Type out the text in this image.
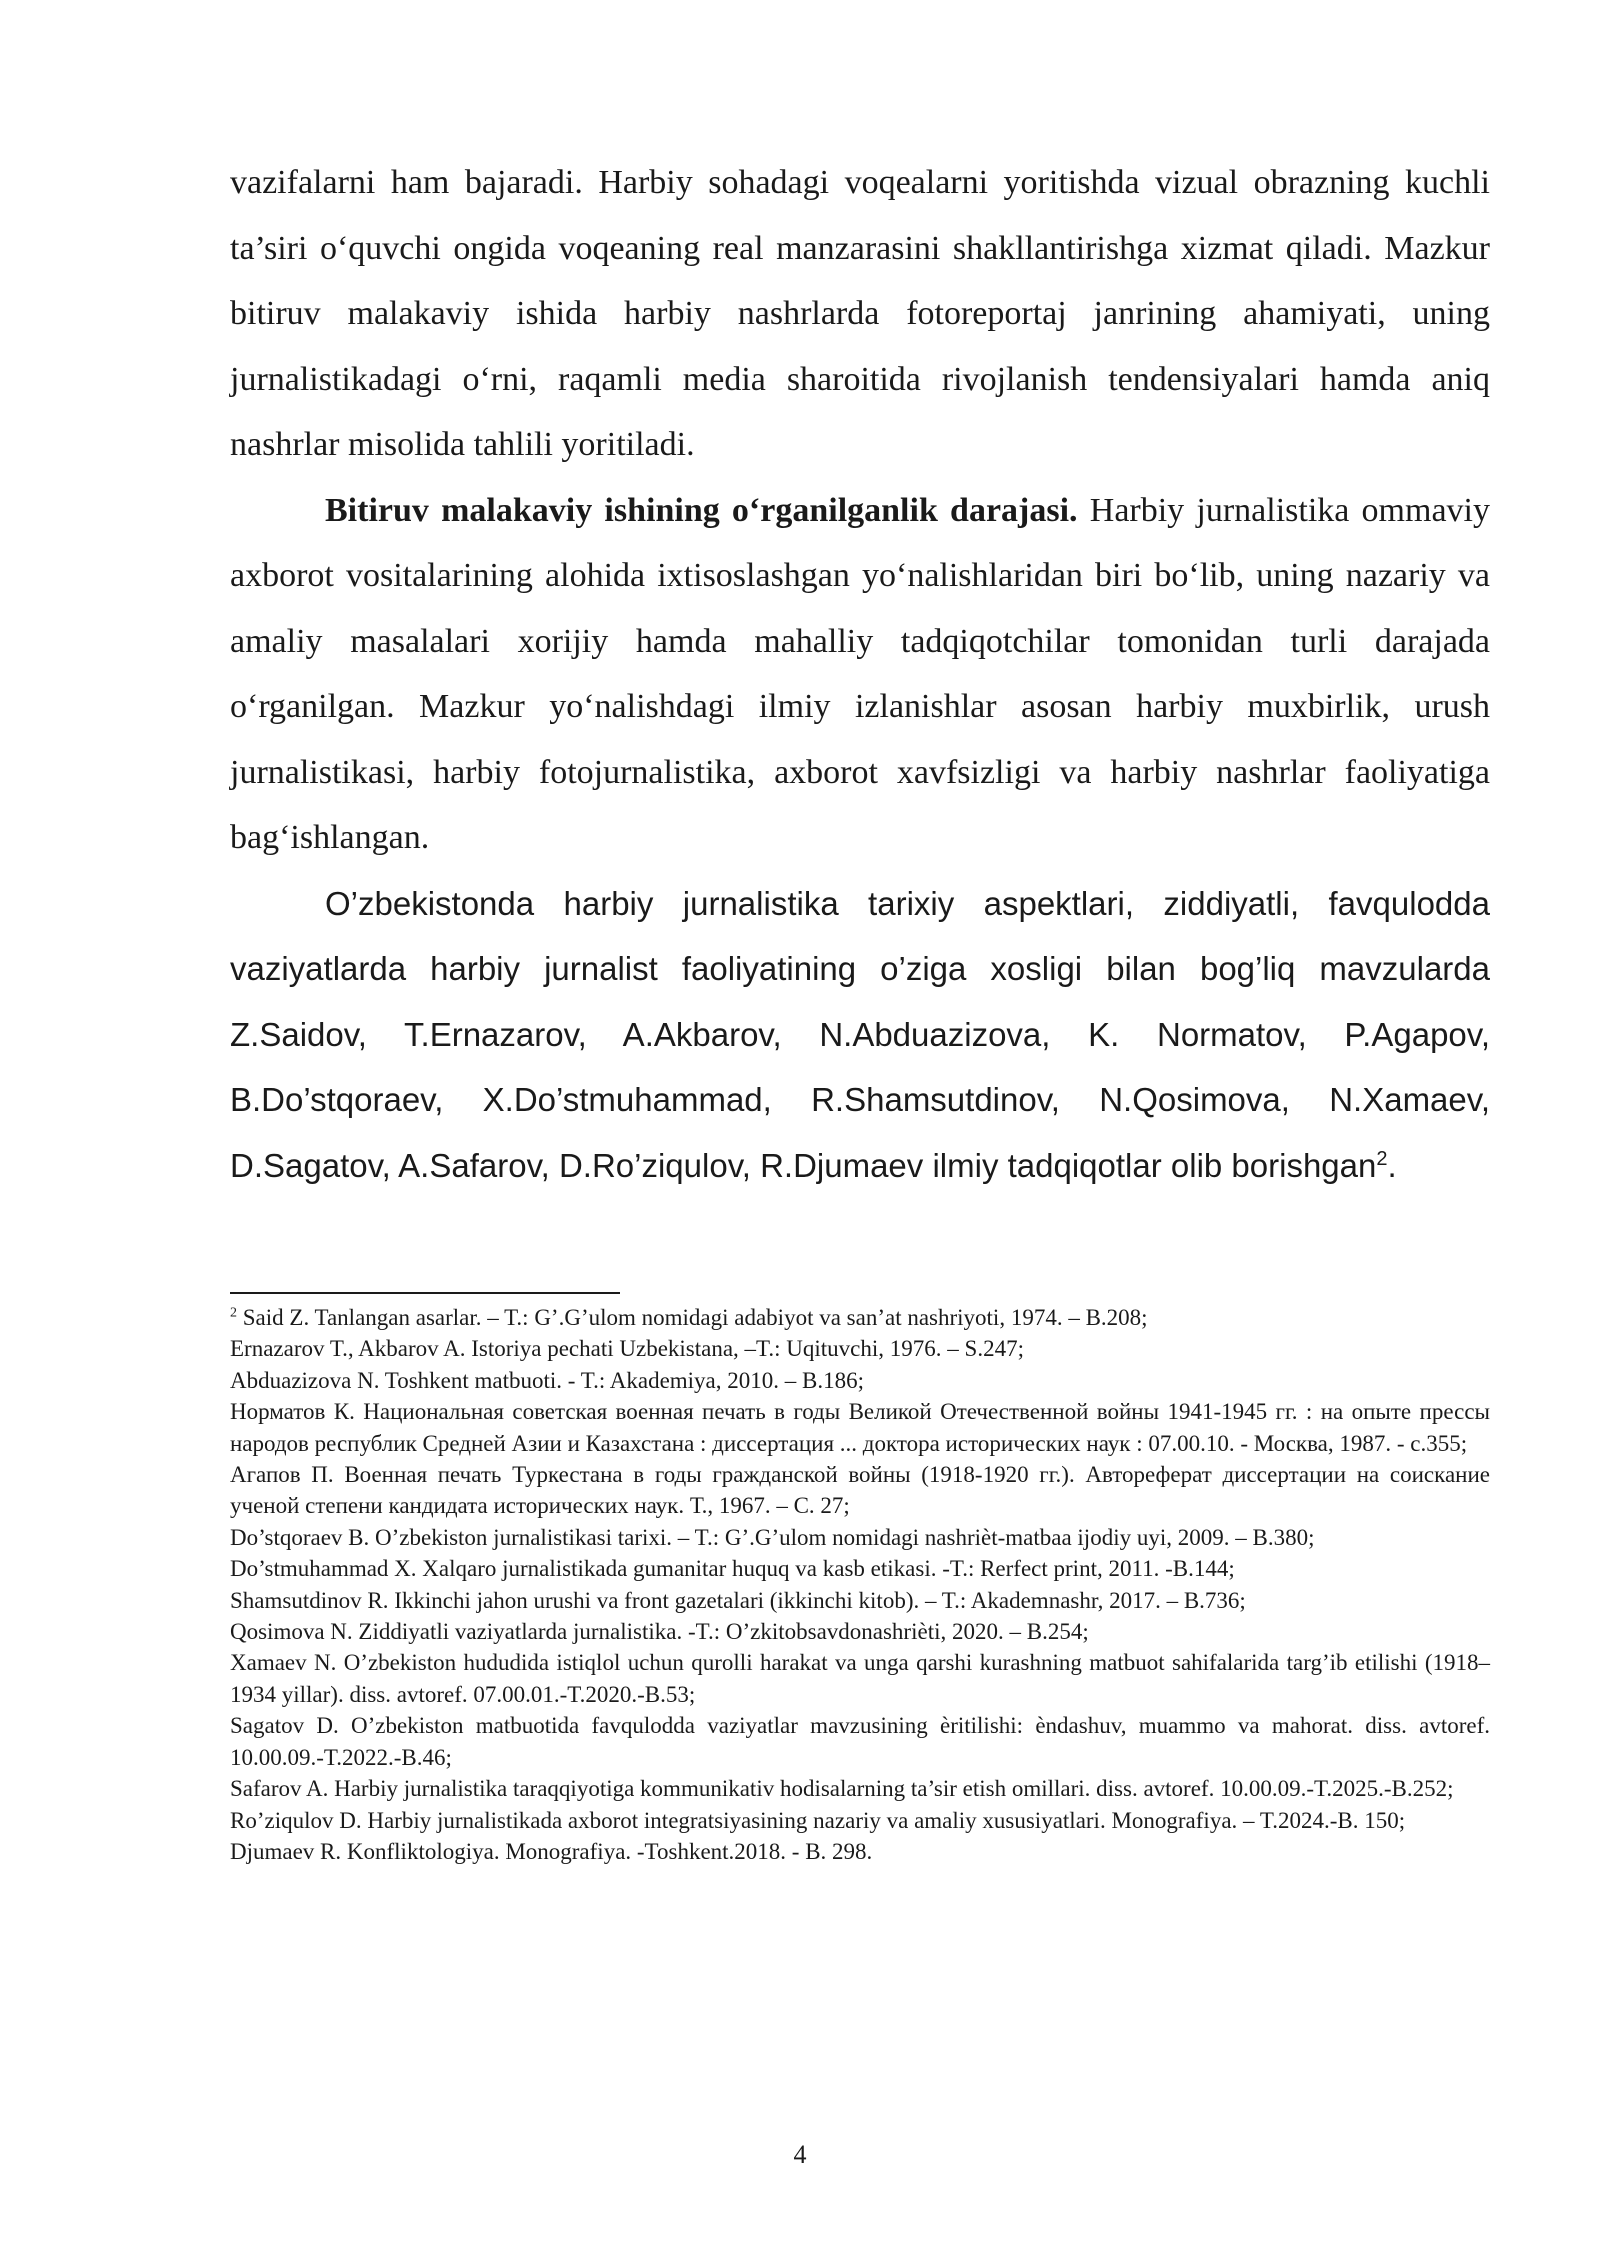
vazifalarni ham bajaradi. Harbiy sohadagi voqealarni yoritishda vizual obrazning kuchli ta’siri o‘quvchi ongida voqeaning real manzarasini shakllantirishga xizmat qiladi. Mazkur bitiruv malakaviy ishida harbiy nashrlarda fotoreportaj janrining ahamiyati, uning jurnalistikadagi o‘rni, raqamli media sharoitida rivojlanish tendensiyalari hamda aniq nashrlar misolida tahlili yoritiladi.

Bitiruv malakaviy ishining o‘rganilganlik darajasi. Harbiy jurnalistika ommaviy axborot vositalarining alohida ixtisoslashgan yo‘nalishlaridan biri bo‘lib, uning nazariy va amaliy masalalari xorijiy hamda mahalliy tadqiqotchilar tomonidan turli darajada o‘rganilgan. Mazkur yo‘nalishdagi ilmiy izlanishlar asosan harbiy muxbirlik, urush jurnalistikasi, harbiy fotojurnalistika, axborot xavfsizligi va harbiy nashrlar faoliyatiga bag‘ishlangan.

O’zbekistonda harbiy jurnalistika tarixiy aspektlari, ziddiyatli, favqulodda vaziyatlarda harbiy jurnalist faoliyatining o’ziga xosligi bilan bog’liq mavzularda Z.Saidov, T.Ernazarov, A.Akbarov, N.Abduazizova, K. Normatov, P.Agapov, B.Do’stqoraev, X.Do’stmuhammad, R.Shamsutdinov, N.Qosimova, N.Xamaev, D.Sagatov, A.Safarov, D.Ro’ziqulov, R.Djumaev ilmiy tadqiqotlar olib borishgan$^2$.

$^2$ Said Z. Tanlangan asarlar. – T.: G’.G’ulom nomidagi adabiyot va san’at nashriyoti, 1974. – B.208;

Ernazarov T., Akbarov A. Istoriya pechati Uzbekistana, –T.: Uqituvchi, 1976. – S.247;

Abduazizova N. Toshkent matbuoti. - T.: Akademiya, 2010. – B.186;

Норматов К. Национальная советская военная печать в годы Великой Отечественной войны 1941-1945 гг. : на опыте прессы народов республик Средней Азии и Казахстана : диссертация ... доктора исторических наук : 07.00.10. - Москва, 1987. - с.355;

Агапов П. Военная печать Туркестана в годы гражданской войны (1918-1920 гг.). Автореферат диссертации на соискание ученой степени кандидата исторических наук. Т., 1967. – С. 27;

Do’stqoraev B. O’zbekiston jurnalistikasi tarixi. – T.: G’.G’ulom nomidagi nashriѐt-matbaa ijodiy uyi, 2009. – B.380;

Do’stmuhammad X. Xalqaro jurnalistikada gumanitar huquq va kasb etikasi. -T.: Rerfect print, 2011. -B.144;

Shamsutdinov R. Ikkinchi jahon urushi va front gazetalari (ikkinchi kitob). – T.: Akademnashr, 2017. – B.736;

Qosimova N. Ziddiyatli vaziyatlarda jurnalistika. -T.: O’zkitobsavdonashriѐti, 2020. – B.254;

Xamaev N. O’zbekiston hududida istiqlol uchun qurolli harakat va unga qarshi kurashning matbuot sahifalarida targ’ib etilishi (1918–1934 yillar). diss. avtoref. 07.00.01.-T.2020.-B.53;

Sagatov D. O’zbekiston matbuotida favqulodda vaziyatlar mavzusining ѐritilishi: ѐndashuv, muammo va mahorat. diss. avtoref. 10.00.09.-T.2022.-B.46;

Safarov A. Harbiy jurnalistika taraqqiyotiga kommunikativ hodisalarning ta’sir etish omillari. diss. avtoref. 10.00.09.-T.2025.-B.252;

Ro’ziqulov D. Harbiy jurnalistikada axborot integratsiyasining nazariy va amaliy xususiyatlari. Monografiya. – T.2024.-B. 150;

Djumaev R. Konfliktologiya. Monografiya. -Toshkent.2018. - B. 298.

4
